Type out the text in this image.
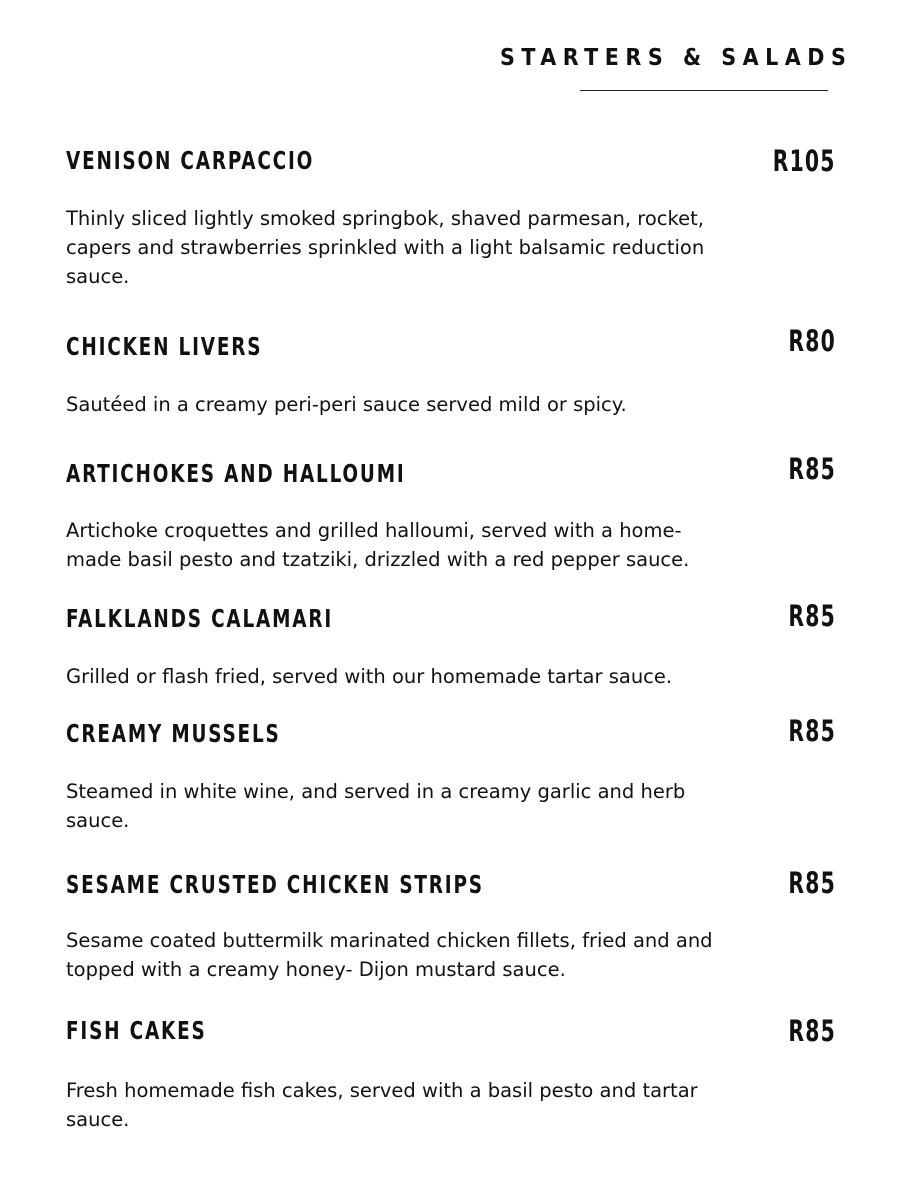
STARTERS & SALADS
VENISON CARPACCIO	R105
Thinly sliced lightly smoked springbok, shaved parmesan, rocket, capers and strawberries sprinkled with a light balsamic reduction sauce.
CHICKEN LIVERS	R80
Sautéed in a creamy peri-peri sauce served mild or spicy.
ARTICHOKES AND HALLOUMI	R85
Artichoke croquettes and grilled halloumi, served with a home-made basil pesto and tzatziki, drizzled with a red pepper sauce.
FALKLANDS CALAMARI	R85
Grilled or flash fried, served with our homemade tartar sauce.
CREAMY MUSSELS	R85
Steamed in white wine, and served in a creamy garlic and herb sauce.
SESAME CRUSTED CHICKEN STRIPS	R85
Sesame coated buttermilk marinated chicken fillets, fried and and topped with a creamy honey- Dijon mustard sauce.
FISH CAKES	R85
Fresh homemade fish cakes, served with a basil pesto and tartar sauce.
